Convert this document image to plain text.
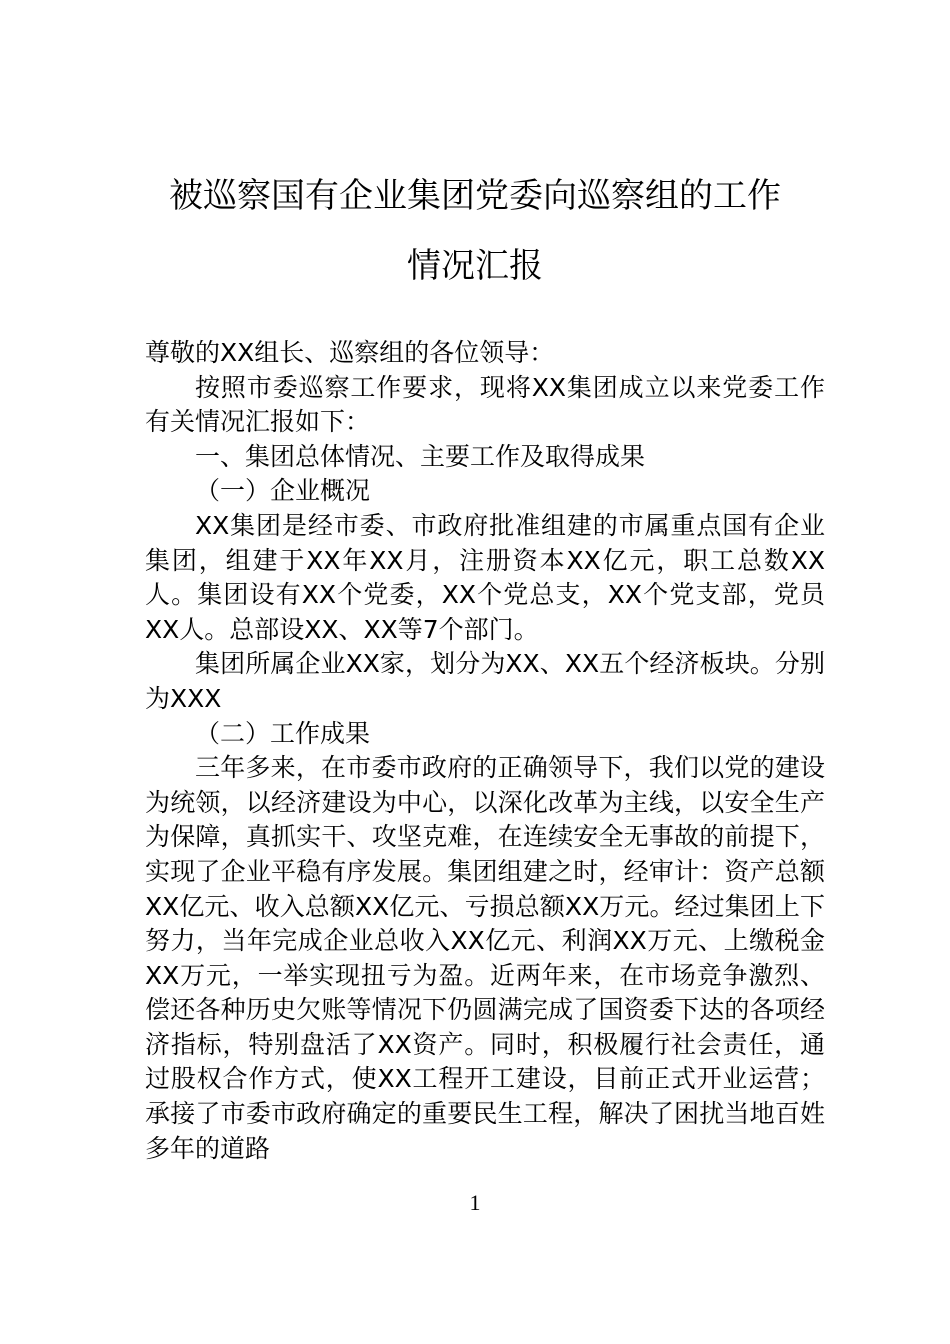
被巡察国有企业集团党委向巡察组的工作
情况汇报

尊敬的XX组长、巡察组的各位领导：

按照市委巡察工作要求，现将XX集团成立以来党委工作有关情况汇报如下：

一、集团总体情况、主要工作及取得成果

（一）企业概况

XX集团是经市委、市政府批准组建的市属重点国有企业集团，组建于XX年XX月，注册资本XX亿元，职工总数XX人。集团设有XX个党委，XX个党总支，XX个党支部，党员XX人。总部设XX、XX等7个部门。

集团所属企业XX家，划分为XX、XX五个经济板块。分别为XXX

（二）工作成果

三年多来，在市委市政府的正确领导下，我们以党的建设为统领，以经济建设为中心，以深化改革为主线，以安全生产为保障，真抓实干、攻坚克难，在连续安全无事故的前提下，实现了企业平稳有序发展。集团组建之时，经审计：资产总额XX亿元、收入总额XX亿元、亏损总额XX万元。经过集团上下努力，当年完成企业总收入XX亿元、利润XX万元、上缴税金XX万元，一举实现扭亏为盈。近两年来，在市场竞争激烈、偿还各种历史欠账等情况下仍圆满完成了国资委下达的各项经济指标，特别盘活了XX资产。同时，积极履行社会责任，通过股权合作方式，使XX工程开工建设，目前正式开业运营；承接了市委市政府确定的重要民生工程，解决了困扰当地百姓多年的道路

1
